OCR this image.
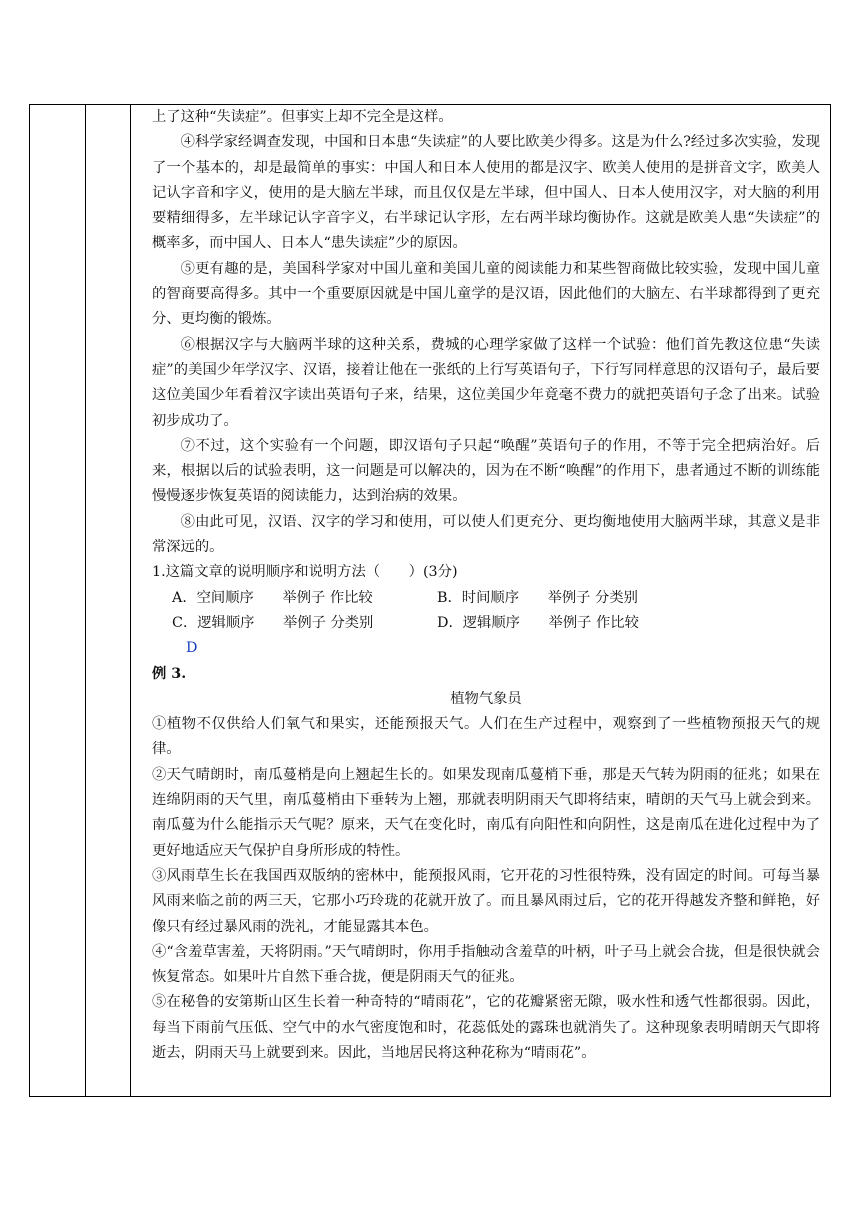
上了这种“失读症”。但事实上却不完全是这样。

④科学家经调查发现，中国和日本患“失读症”的人要比欧美少得多。这是为什么?经过多次实验，发现了一个基本的，却是最简单的事实：中国人和日本人使用的都是汉字、欧美人使用的是拼音文字，欧美人记认字音和字义，使用的是大脑左半球，而且仅仅是左半球，但中国人、日本人使用汉字，对大脑的利用要精细得多，左半球记认字音字义，右半球记认字形，左右两半球均衡协作。这就是欧美人患“失读症”的概率多，而中国人、日本人“患失读症”少的原因。

⑤更有趣的是，美国科学家对中国儿童和美国儿童的阅读能力和某些智商做比较实验，发现中国儿童的智商要高得多。其中一个重要原因就是中国儿童学的是汉语，因此他们的大脑左、右半球都得到了更充分、更均衡的锻炼。

⑥根据汉字与大脑两半球的这种关系，费城的心理学家做了这样一个试验：他们首先教这位患“失读症”的美国少年学汉字、汉语，接着让他在一张纸的上行写英语句子，下行写同样意思的汉语句子，最后要这位美国少年看着汉字读出英语句子来，结果，这位美国少年竟毫不费力的就把英语句子念了出来。试验初步成功了。

⑦不过，这个实验有一个问题，即汉语句子只起“唤醒”英语句子的作用，不等于完全把病治好。后来，根据以后的试验表明，这一问题是可以解决的，因为在不断“唤醒”的作用下，患者通过不断的训练能慢慢逐步恢复英语的阅读能力，达到治病的效果。

⑧由此可见，汉语、汉字的学习和使用，可以使人们更充分、更均衡地使用大脑两半球，其意义是非常深远的。

1.这篇文章的说明顺序和说明方法（　　）(3分)

A．空间顺序　　举例子 作比较	B．时间顺序　　举例子 分类别
C．逻辑顺序　　举例子 分类别	D．逻辑顺序　　举例子 作比较

D

例 3.

植物气象员

①植物不仅供给人们氧气和果实，还能预报天气。人们在生产过程中，观察到了一些植物预报天气的规律。

②天气晴朗时，南瓜蔓梢是向上翘起生长的。如果发现南瓜蔓梢下垂，那是天气转为阴雨的征兆；如果在连绵阴雨的天气里，南瓜蔓梢由下垂转为上翘，那就表明阴雨天气即将结束，晴朗的天气马上就会到来。南瓜蔓为什么能指示天气呢？原来，天气在变化时，南瓜有向阳性和向阴性，这是南瓜在进化过程中为了更好地适应天气保护自身所形成的特性。

③风雨草生长在我国西双版纳的密林中，能预报风雨，它开花的习性很特殊，没有固定的时间。可每当暴风雨来临之前的两三天，它那小巧玲珑的花就开放了。而且暴风雨过后，它的花开得越发齐整和鲜艳，好像只有经过暴风雨的洗礼，才能显露其本色。

④“含羞草害羞，天将阴雨。”天气晴朗时，你用手指触动含羞草的叶柄，叶子马上就会合拢，但是很快就会恢复常态。如果叶片自然下垂合拢，便是阴雨天气的征兆。

⑤在秘鲁的安第斯山区生长着一种奇特的“晴雨花”，它的花瓣紧密无隙，吸水性和透气性都很弱。因此，每当下雨前气压低、空气中的水气密度饱和时，花蕊低处的露珠也就消失了。这种现象表明晴朗天气即将逝去，阴雨天马上就要到来。因此，当地居民将这种花称为“晴雨花”。
